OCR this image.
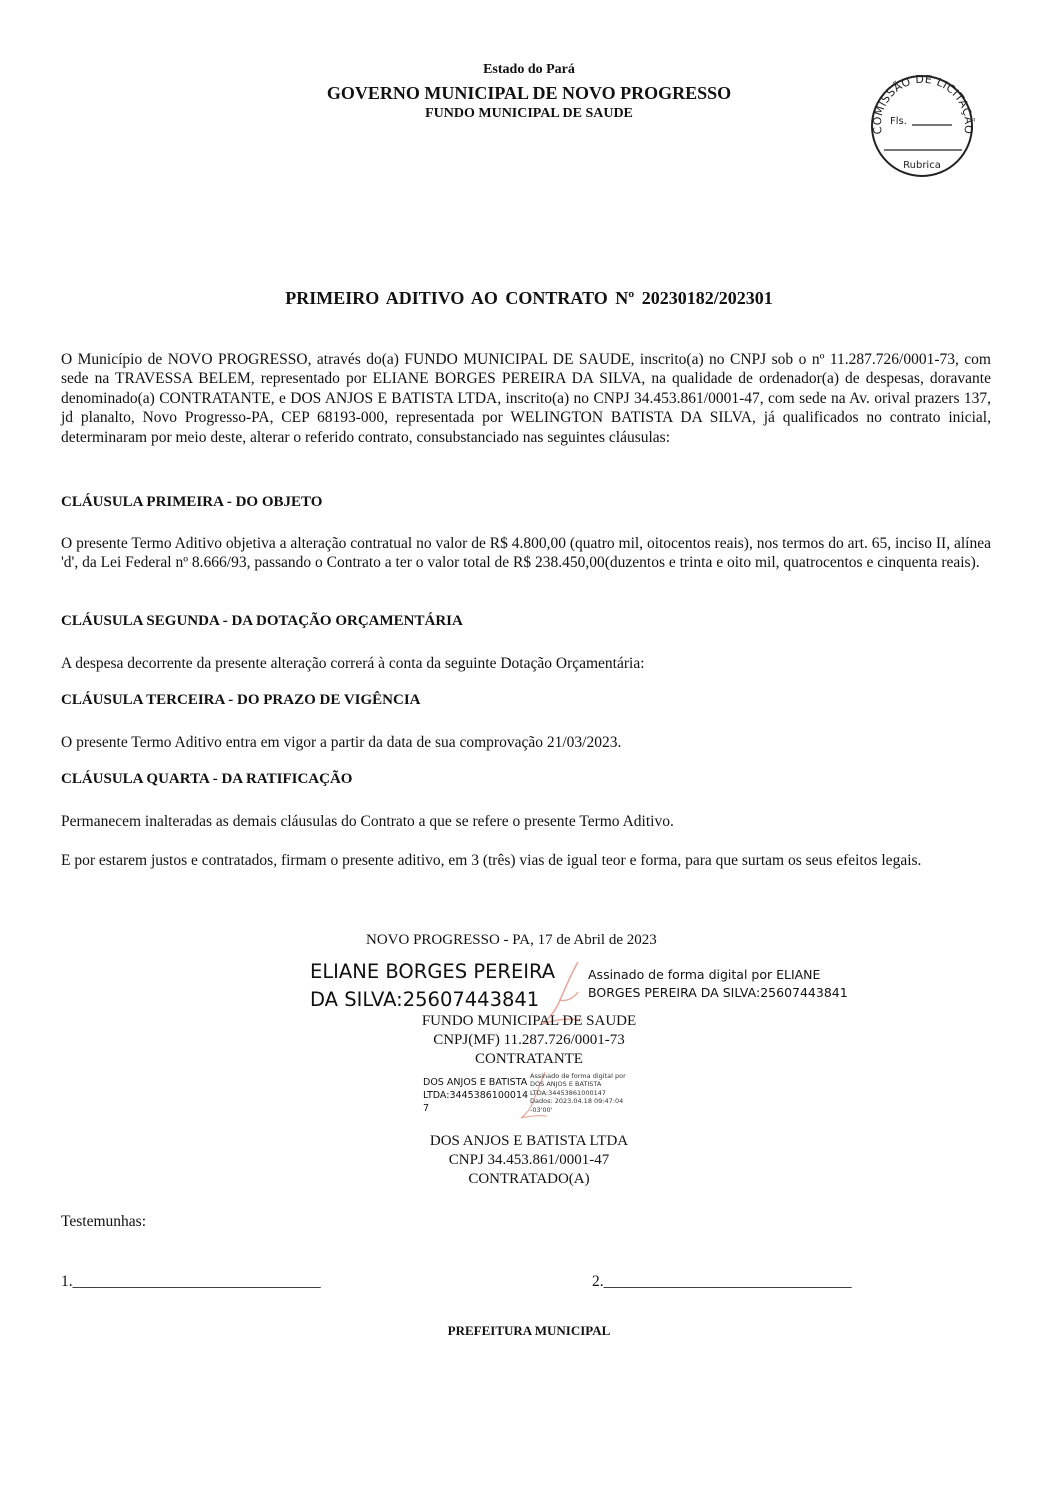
Estado do Pará
GOVERNO MUNICIPAL DE NOVO PROGRESSO
FUNDO MUNICIPAL DE SAUDE
COMISSÃO DE LICITAÇÃO
Fls.
Rubrica
PRIMEIRO ADITIVO AO CONTRATO Nº 20230182/202301
O Município de NOVO PROGRESSO, através do(a) FUNDO MUNICIPAL DE SAUDE, inscrito(a) no CNPJ sob o nº 11.287.726/0001-73, com sede na TRAVESSA BELEM, representado por ELIANE BORGES PEREIRA DA SILVA, na qualidade de ordenador(a) de despesas, doravante denominado(a) CONTRATANTE, e DOS ANJOS E BATISTA LTDA, inscrito(a) no CNPJ 34.453.861/0001-47, com sede na Av. orival prazers 137, jd planalto, Novo Progresso-PA, CEP 68193-000, representada por WELINGTON BATISTA DA SILVA, já qualificados no contrato inicial, determinaram por meio deste, alterar o referido contrato, consubstanciado nas seguintes cláusulas:
CLÁUSULA PRIMEIRA - DO OBJETO
O presente Termo Aditivo objetiva a alteração contratual no valor de R$ 4.800,00 (quatro mil, oitocentos reais), nos termos do art. 65, inciso II, alínea 'd', da Lei Federal nº 8.666/93, passando o Contrato a ter o valor total de R$ 238.450,00(duzentos e trinta e oito mil, quatrocentos e cinquenta reais).
CLÁUSULA SEGUNDA - DA DOTAÇÃO ORÇAMENTÁRIA
A despesa decorrente da presente alteração correrá à conta da seguinte Dotação Orçamentária:
CLÁUSULA TERCEIRA - DO PRAZO DE VIGÊNCIA
O presente Termo Aditivo entra em vigor a partir da data de sua comprovação 21/03/2023.
CLÁUSULA QUARTA - DA RATIFICAÇÃO
Permanecem inalteradas as demais cláusulas do Contrato a que se refere o presente Termo Aditivo.
E por estarem justos e contratados, firmam o presente aditivo, em 3 (três) vias de igual teor e forma, para que surtam os seus efeitos legais.
NOVO PROGRESSO - PA, 17 de Abril de 2023
ELIANE BORGES PEREIRA
DA SILVA:25607443841
Assinado de forma digital por ELIANE
BORGES PEREIRA DA SILVA:25607443841
FUNDO MUNICIPAL DE SAUDE
CNPJ(MF) 11.287.726/0001-73
CONTRATANTE
DOS ANJOS E BATISTA
LTDA:34453861000147
Assinado de forma digital por
DOS ANJOS E BATISTA
LTDA:34453861000147
Dados: 2023.04.18 09:47:04
-03'00'
DOS ANJOS E BATISTA LTDA
CNPJ 34.453.861/0001-47
CONTRATADO(A)
Testemunhas:
1.________________________________	2.________________________________
PREFEITURA MUNICIPAL
